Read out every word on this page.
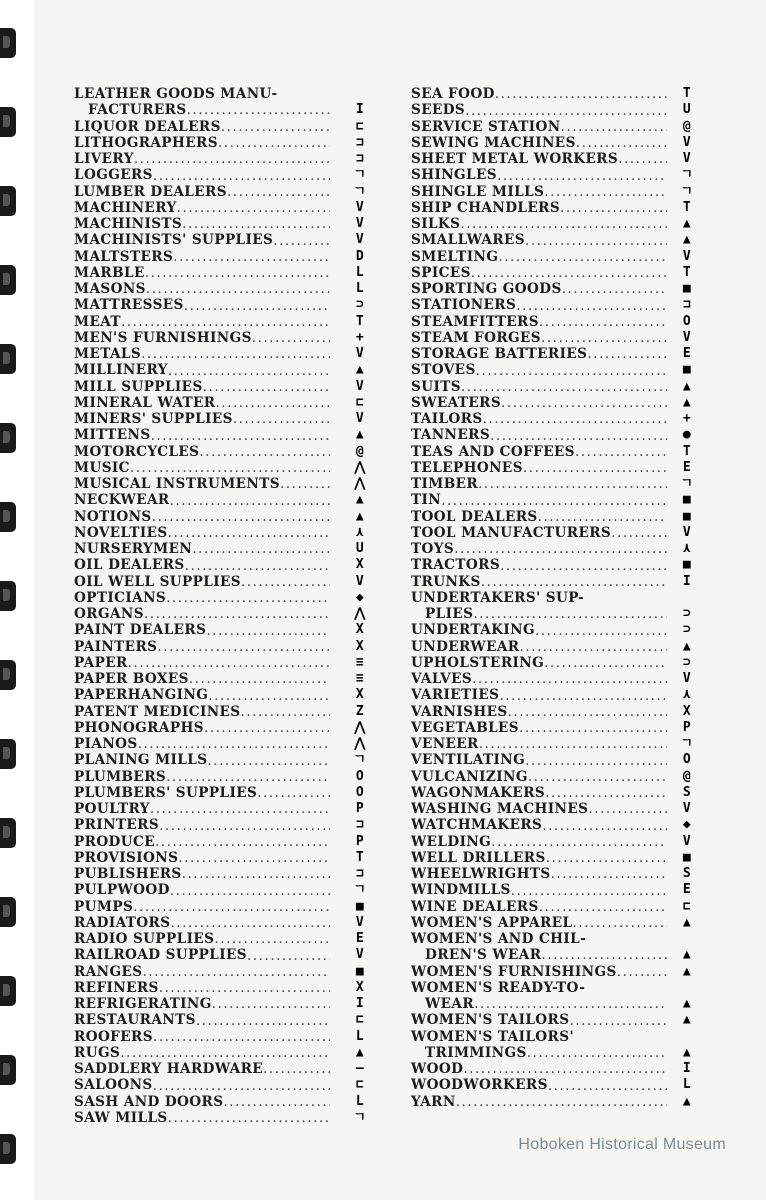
LEATHER GOODS MANU-
FACTURERS .....	I
LIQUOR DEALERS .....	⊏
LITHOGRAPHERS .....	⊐
LIVERY .....	⊐
LOGGERS .....	ㄱ
LUMBER DEALERS .....	ㄱ
MACHINERY .....	V
MACHINISTS .....	V
MACHINISTS' SUPPLIES .....	V
MALTSTERS .....	D
MARBLE .....	L
MASONS .....	L
MATTRESSES .....	⊃
MEAT .....	T
MEN'S FURNISHINGS .....	+
METALS .....	V
MILLINERY .....	▲
MILL SUPPLIES .....	V
MINERAL WATER .....	⊏
MINERS' SUPPLIES .....	V
MITTENS .....	▲
MOTORCYCLES .....	@
MUSIC .....	⋀
MUSICAL INSTRUMENTS .....	⋀
NECKWEAR .....	▲
NOTIONS .....	▲
NOVELTIES .....	⋏
NURSERYMEN .....	U
OIL DEALERS .....	X
OIL WELL SUPPLIES .....	V
OPTICIANS .....	◆
ORGANS .....	⋀
PAINT DEALERS .....	X
PAINTERS .....	X
PAPER .....	≡
PAPER BOXES .....	≡
PAPERHANGING .....	X
PATENT MEDICINES .....	Z
PHONOGRAPHS .....	⋀
PIANOS .....	⋀
PLANING MILLS .....	ㄱ
PLUMBERS .....	O
PLUMBERS' SUPPLIES .....	O
POULTRY .....	P
PRINTERS .....	⊐
PRODUCE .....	P
PROVISIONS .....	T
PUBLISHERS .....	⊐
PULPWOOD .....	ㄱ
PUMPS .....	■
RADIATORS .....	V
RADIO SUPPLIES .....	E
RAILROAD SUPPLIES .....	V
RANGES .....	■
REFINERS .....	X
REFRIGERATING .....	I
RESTAURANTS .....	⊏
ROOFERS .....	L
RUGS .....	▲
SADDLERY HARDWARE .....	–
SALOONS .....	⊏
SASH AND DOORS .....	L
SAW MILLS .....	ㄱ
SEA FOOD .....	T
SEEDS .....	U
SERVICE STATION .....	@
SEWING MACHINES .....	V
SHEET METAL WORKERS .....	V
SHINGLES .....	ㄱ
SHINGLE MILLS .....	ㄱ
SHIP CHANDLERS .....	T
SILKS .....	▲
SMALLWARES .....	▲
SMELTING .....	V
SPICES .....	T
SPORTING GOODS .....	■
STATIONERS .....	⊐
STEAMFITTERS .....	O
STEAM FORGES .....	V
STORAGE BATTERIES .....	E
STOVES .....	■
SUITS .....	▲
SWEATERS .....	▲
TAILORS .....	+
TANNERS .....	●
TEAS AND COFFEES .....	T
TELEPHONES .....	E
TIMBER .....	ㄱ
TIN .....	■
TOOL DEALERS .....	■
TOOL MANUFACTURERS .....	V
TOYS .....	⋏
TRACTORS .....	■
TRUNKS .....	I
UNDERTAKERS' SUP-
PLIES .....	⊃
UNDERTAKING .....	⊃
UNDERWEAR .....	▲
UPHOLSTERING .....	⊃
VALVES .....	V
VARIETIES .....	⋏
VARNISHES .....	X
VEGETABLES .....	P
VENEER .....	ㄱ
VENTILATING .....	O
VULCANIZING .....	@
WAGONMAKERS .....	S
WASHING MACHINES .....	V
WATCHMAKERS .....	◆
WELDING .....	V
WELL DRILLERS .....	■
WHEELWRIGHTS .....	S
WINDMILLS .....	E
WINE DEALERS .....	⊏
WOMEN'S APPAREL .....	▲
WOMEN'S AND CHIL-
DREN'S WEAR .....	▲
WOMEN'S FURNISHINGS .....	▲
WOMEN'S READY-TO-
WEAR .....	▲
WOMEN'S TAILORS .....	▲
WOMEN'S TAILORS'
TRIMMINGS .....	▲
WOOD .....	I
WOODWORKERS .....	L
YARN .....	▲
Hoboken Historical Museum
